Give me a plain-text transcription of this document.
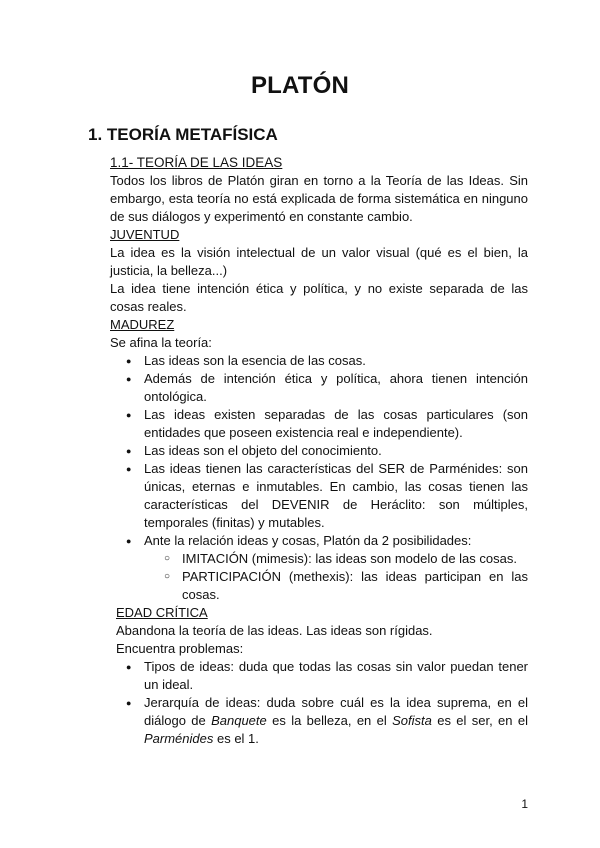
PLATÓN
1. TEORÍA METAFÍSICA

1.1- TEORÍA DE LAS IDEAS

Todos los libros de Platón giran en torno a la Teoría de las Ideas. Sin embargo, esta teoría no está explicada de forma sistemática en ninguno de sus diálogos y experimentó en constante cambio.

JUVENTUD

La idea es la visión intelectual de un valor visual (qué es el bien, la justicia, la belleza...)

La idea tiene intención ética y política, y no existe separada de las cosas reales.

MADUREZ

Se afina la teoría:

● Las ideas son la esencia de las cosas.
● Además de intención ética y política, ahora tienen intención ontológica.
● Las ideas existen separadas de las cosas particulares (son entidades que poseen existencia real e independiente).
● Las ideas son el objeto del conocimiento.
● Las ideas tienen las características del SER de Parménides: son únicas, eternas e inmutables. En cambio, las cosas tienen las características del DEVENIR de Heráclito: son múltiples, temporales (finitas) y mutables.
● Ante la relación ideas y cosas, Platón da 2 posibilidades:
○ IMITACIÓN (mimesis): las ideas son modelo de las cosas.
○ PARTICIPACIÓN (methexis): las ideas participan en las cosas.

EDAD CRÍTICA

Abandona la teoría de las ideas. Las ideas son rígidas.

Encuentra problemas:

● Tipos de ideas: duda que todas las cosas sin valor puedan tener un ideal.
● Jerarquía de ideas: duda sobre cuál es la idea suprema, en el diálogo de Banquete es la belleza, en el Sofista es el ser, en el Parménides es el 1.
1
